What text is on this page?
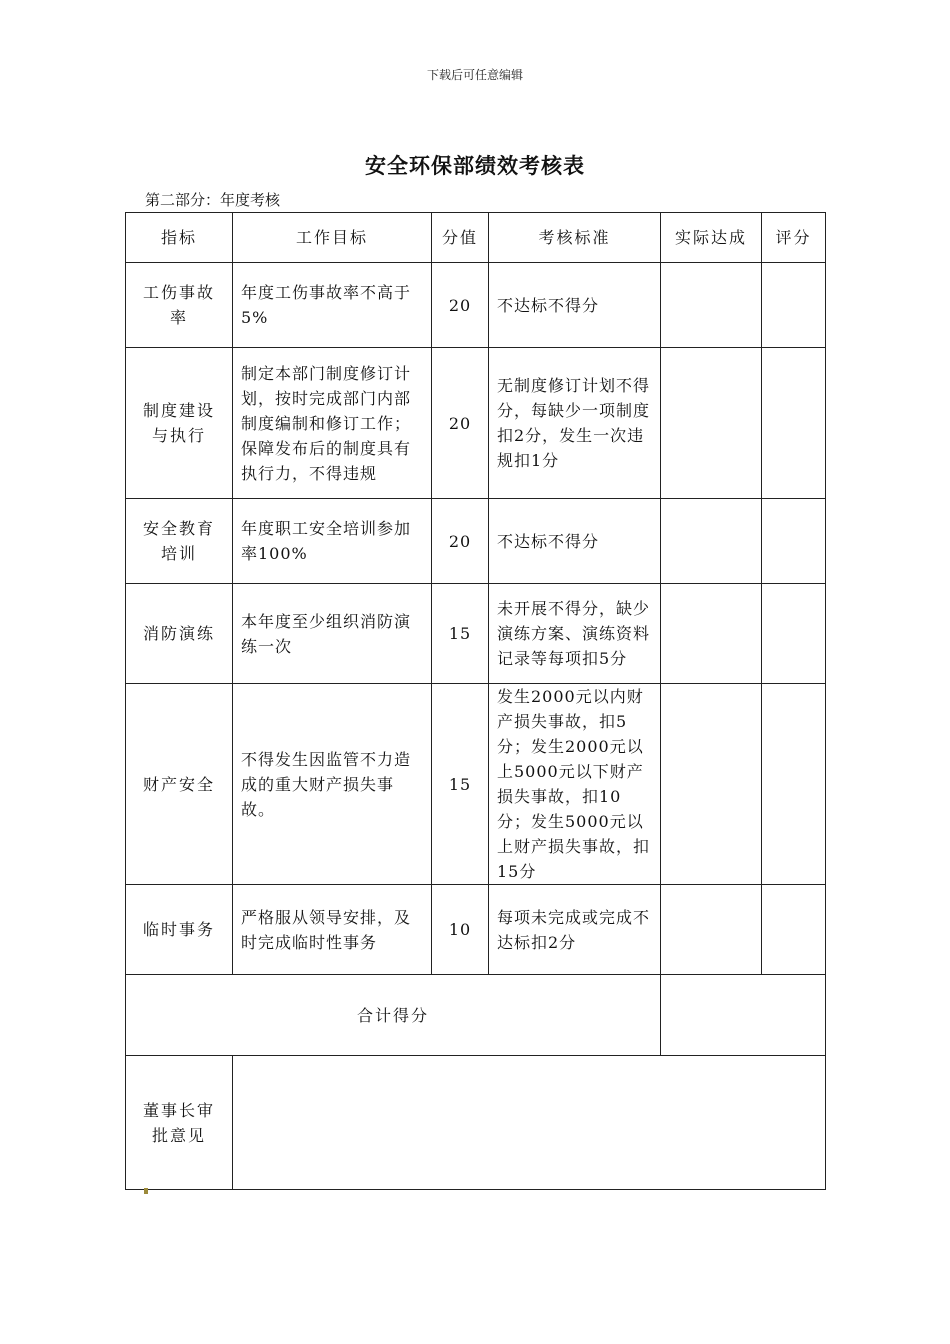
下载后可任意编辑
安全环保部绩效考核表
第二部分：年度考核
指标	工作目标	分值	考核标准	实际达成	评分
工伤事故率	年度工伤事故率不高于5%	20	不达标不得分		
制度建设与执行	制定本部门制度修订计划，按时完成部门内部制度编制和修订工作；保障发布后的制度具有执行力，不得违规	20	无制度修订计划不得分，每缺少一项制度扣2分，发生一次违规扣1分		
安全教育培训	年度职工安全培训参加率100%	20	不达标不得分		
消防演练	本年度至少组织消防演练一次	15	未开展不得分，缺少演练方案、演练资料记录等每项扣5分		
财产安全	不得发生因监管不力造成的重大财产损失事故。	15	发生2000元以内财产损失事故，扣5分；发生2000元以上5000元以下财产损失事故，扣10分；发生5000元以上财产损失事故，扣15分		
临时事务	严格服从领导安排，及时完成临时性事务	10	每项未完成或完成不达标扣2分		
合计得分					
董事长审批意见					
